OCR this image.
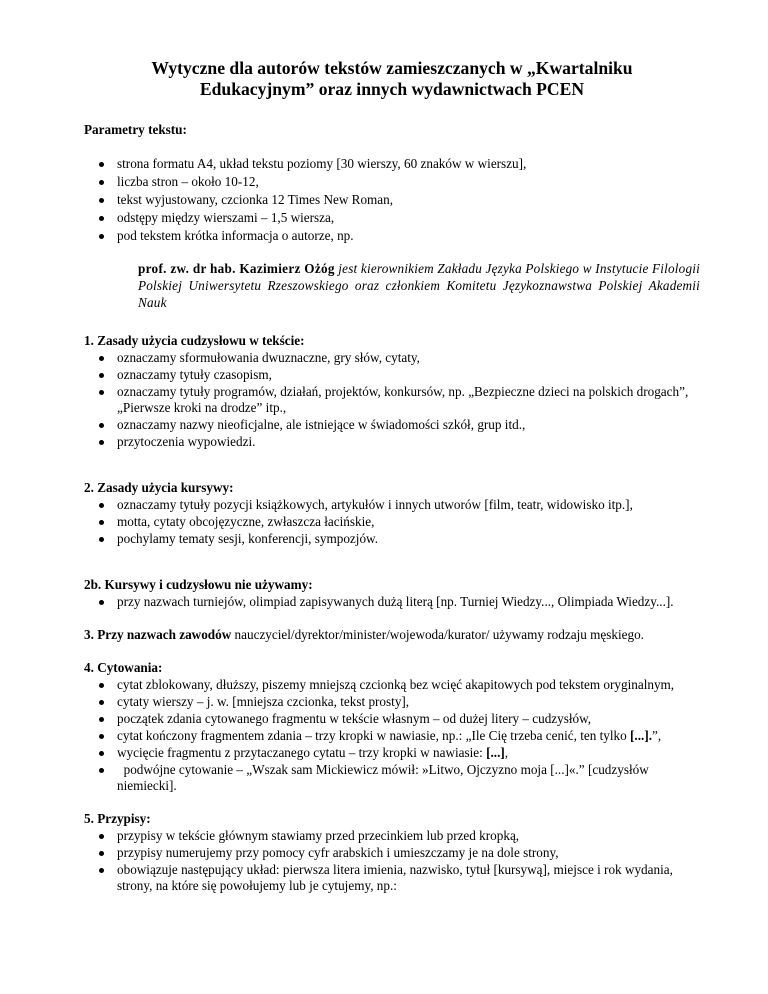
Wytyczne dla autorów tekstów zamieszczanych w „Kwartalniku
Edukacyjnym” oraz innych wydawnictwach PCEN

Parametry tekstu:

strona formatu A4, układ tekstu poziomy [30 wierszy, 60 znaków w wierszu],
liczba stron – około 10-12,
tekst wyjustowany, czcionka 12 Times New Roman,
odstępy między wierszami – 1,5 wiersza,
pod tekstem krótka informacja o autorze, np.

prof. zw. dr hab. Kazimierz Ożóg jest kierownikiem Zakładu Języka Polskiego w Instytucie Filologii Polskiej Uniwersytetu Rzeszowskiego oraz członkiem Komitetu Językoznawstwa Polskiej Akademii Nauk

1. Zasady użycia cudzysłowu w tekście:

oznaczamy sformułowania dwuznaczne, gry słów, cytaty,
oznaczamy tytuły czasopism,
oznaczamy tytuły programów, działań, projektów, konkursów, np. „Bezpieczne dzieci na polskich drogach”, „Pierwsze kroki na drodze” itp.,
oznaczamy nazwy nieoficjalne, ale istniejące w świadomości szkół, grup itd.,
przytoczenia wypowiedzi.

2. Zasady użycia kursywy:

oznaczamy tytuły pozycji książkowych, artykułów i innych utworów [film, teatr, widowisko itp.],
motta, cytaty obcojęzyczne, zwłaszcza łacińskie,
pochylamy tematy sesji, konferencji, sympozjów.

2b. Kursywy i cudzysłowu nie używamy:

przy nazwach turniejów, olimpiad zapisywanych dużą literą [np. Turniej Wiedzy..., Olimpiada Wiedzy...].

3. Przy nazwach zawodów nauczyciel/dyrektor/minister/wojewoda/kurator/ używamy rodzaju męskiego.

4. Cytowania:

cytat zblokowany, dłuższy, piszemy mniejszą czcionką bez wcięć akapitowych pod tekstem oryginalnym,
cytaty wierszy – j. w. [mniejsza czcionka, tekst prosty],
początek zdania cytowanego fragmentu w tekście własnym – od dużej litery – cudzysłów,
cytat kończony fragmentem zdania – trzy kropki w nawiasie, np.: „Ile Cię trzeba cenić, ten tylko [...].”,
wycięcie fragmentu z przytaczanego cytatu – trzy kropki w nawiasie: [...],
podwójne cytowanie – „Wszak sam Mickiewicz mówił: »Litwo, Ojczyzno moja [...]«.” [cudzysłów niemiecki].

5. Przypisy:

przypisy w tekście głównym stawiamy przed przecinkiem lub przed kropką,
przypisy numerujemy przy pomocy cyfr arabskich i umieszczamy je na dole strony,
obowiązuje następujący układ: pierwsza litera imienia, nazwisko, tytuł [kursywą], miejsce i rok wydania, strony, na które się powołujemy lub je cytujemy, np.:
